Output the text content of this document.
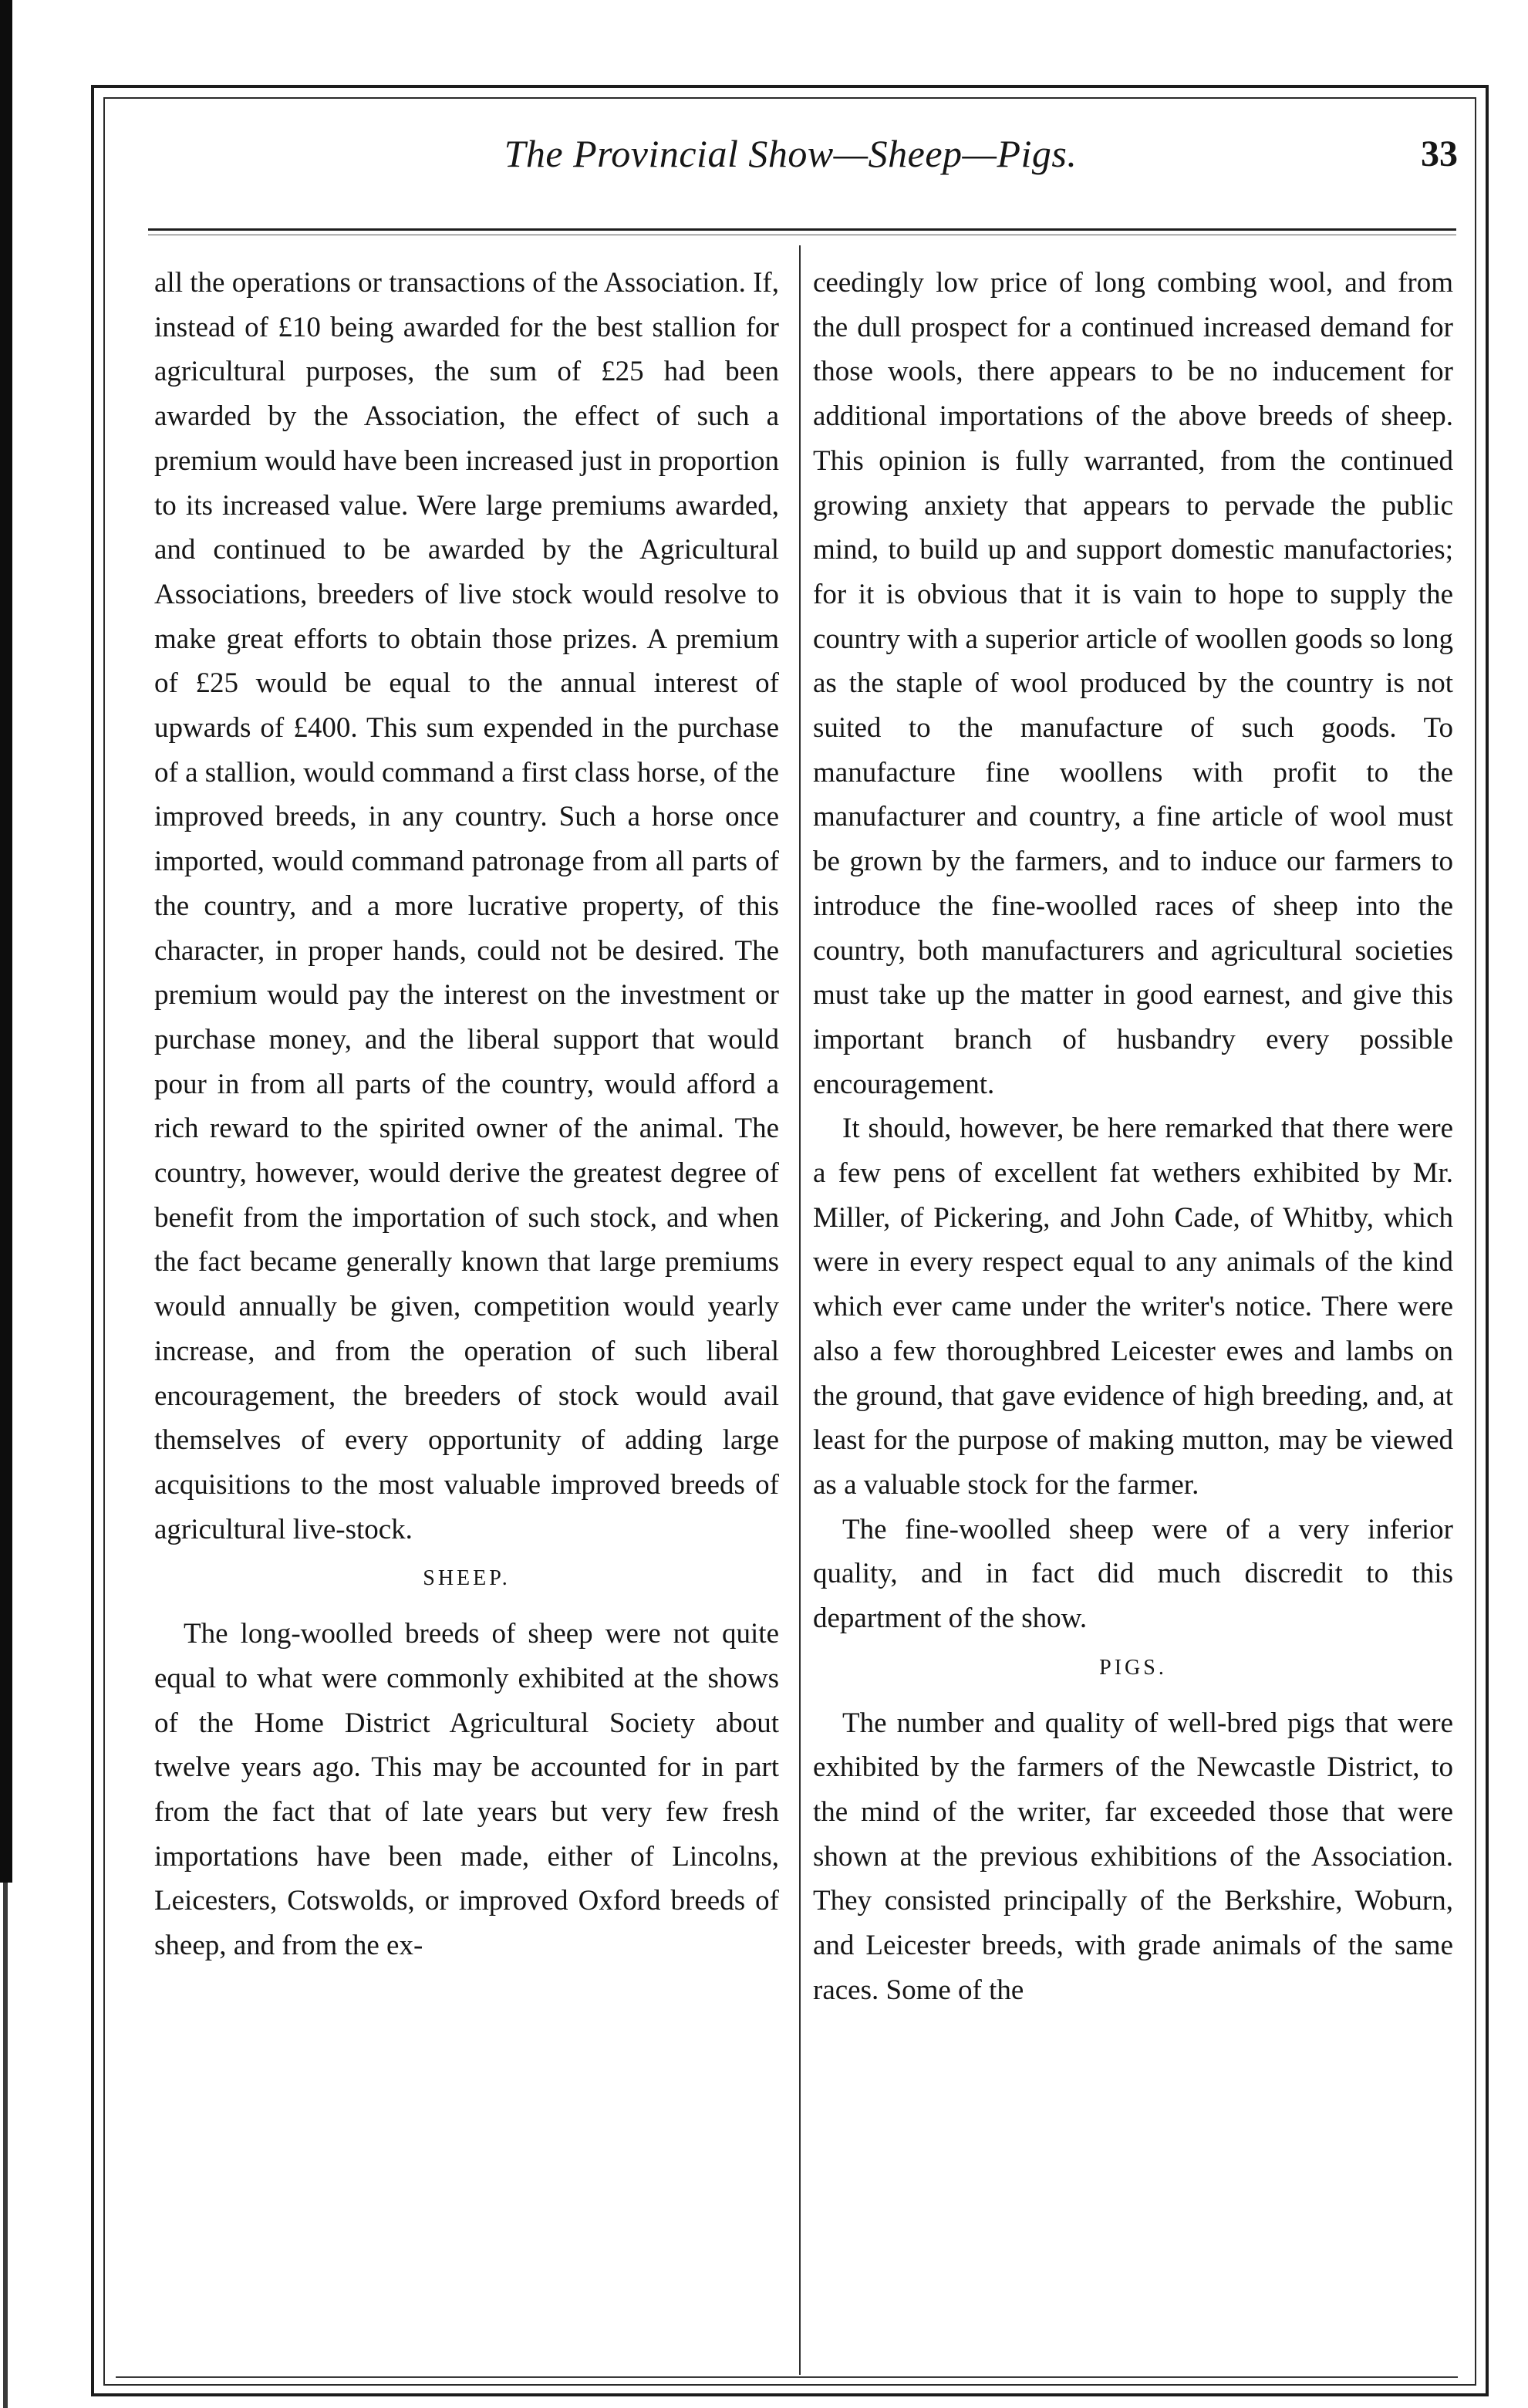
The Provincial Show—Sheep—Pigs.	33

all the operations or transactions of the Association. If, instead of £10 being awarded for the best stallion for agricultural purposes, the sum of £25 had been awarded by the Association, the effect of such a premium would have been increased just in proportion to its increased value. Were large premiums awarded, and continued to be awarded by the Agricultural Associations, breeders of live stock would resolve to make great efforts to obtain those prizes. A premium of £25 would be equal to the annual interest of upwards of £400. This sum expended in the purchase of a stallion, would command a first class horse, of the improved breeds, in any country. Such a horse once imported, would command patronage from all parts of the country, and a more lucrative property, of this character, in proper hands, could not be desired. The premium would pay the interest on the investment or purchase money, and the liberal support that would pour in from all parts of the country, would afford a rich reward to the spirited owner of the animal. The country, however, would derive the greatest degree of benefit from the importation of such stock, and when the fact became generally known that large premiums would annually be given, competition would yearly increase, and from the operation of such liberal encouragement, the breeders of stock would avail themselves of every opportunity of adding large acquisitions to the most valuable improved breeds of agricultural live-stock.

SHEEP.

The long-woolled breeds of sheep were not quite equal to what were commonly exhibited at the shows of the Home District Agricultural Society about twelve years ago. This may be accounted for in part from the fact that of late years but very few fresh importations have been made, either of Lincolns, Leicesters, Cotswolds, or improved Oxford breeds of sheep, and from the ex-

ceedingly low price of long combing wool, and from the dull prospect for a continued increased demand for those wools, there appears to be no inducement for additional importations of the above breeds of sheep. This opinion is fully warranted, from the continued growing anxiety that appears to pervade the public mind, to build up and support domestic manufactories; for it is obvious that it is vain to hope to supply the country with a superior article of woollen goods so long as the staple of wool produced by the country is not suited to the manufacture of such goods. To manufacture fine woollens with profit to the manufacturer and country, a fine article of wool must be grown by the farmers, and to induce our farmers to introduce the fine-woolled races of sheep into the country, both manufacturers and agricultural societies must take up the matter in good earnest, and give this important branch of husbandry every possible encouragement.

It should, however, be here remarked that there were a few pens of excellent fat wethers exhibited by Mr. Miller, of Pickering, and John Cade, of Whitby, which were in every respect equal to any animals of the kind which ever came under the writer's notice. There were also a few thoroughbred Leicester ewes and lambs on the ground, that gave evidence of high breeding, and, at least for the purpose of making mutton, may be viewed as a valuable stock for the farmer.

The fine-woolled sheep were of a very inferior quality, and in fact did much discredit to this department of the show.

PIGS.

The number and quality of well-bred pigs that were exhibited by the farmers of the Newcastle District, to the mind of the writer, far exceeded those that were shown at the previous exhibitions of the Association. They consisted principally of the Berkshire, Woburn, and Leicester breeds, with grade animals of the same races. Some of the
